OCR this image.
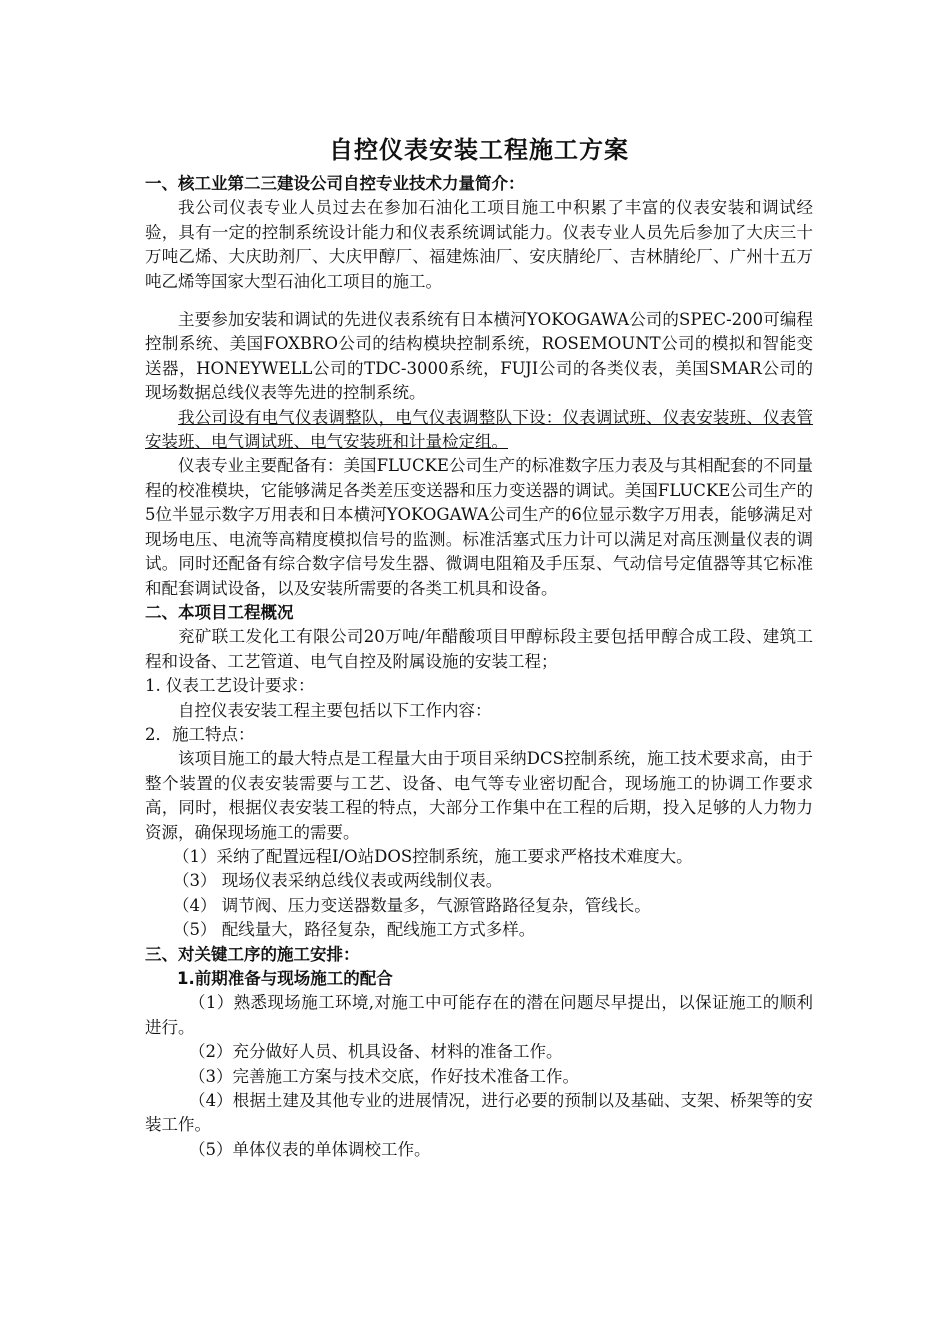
自控仪表安装工程施工方案
一、核工业第二三建设公司自控专业技术力量简介：

我公司仪表专业人员过去在参加石油化工项目施工中积累了丰富的仪表安装和调试经验，具有一定的控制系统设计能力和仪表系统调试能力。仪表专业人员先后参加了大庆三十万吨乙烯、大庆助剂厂、大庆甲醇厂、福建炼油厂、安庆腈纶厂、吉林腈纶厂、广州十五万吨乙烯等国家大型石油化工项目的施工。

主要参加安装和调试的先进仪表系统有日本横河YOKOGAWA公司的SPEC-200可编程控制系统、美国FOXBRO公司的结构模块控制系统，ROSEMOUNT公司的模拟和智能变送器，HONEYWELL公司的TDC-3000系统，FUJI公司的各类仪表，美国SMAR公司的现场数据总线仪表等先进的控制系统。

我公司设有电气仪表调整队，电气仪表调整队下设：仪表调试班、仪表安装班、仪表管安装班、电气调试班、电气安装班和计量检定组。

仪表专业主要配备有：美国FLUCKE公司生产的标准数字压力表及与其相配套的不同量程的校准模块，它能够满足各类差压变送器和压力变送器的调试。美国FLUCKE公司生产的5位半显示数字万用表和日本横河YOKOGAWA公司生产的6位显示数字万用表，能够满足对现场电压、电流等高精度模拟信号的监测。标准活塞式压力计可以满足对高压测量仪表的调试。同时还配备有综合数字信号发生器、微调电阻箱及手压泵、气动信号定值器等其它标准和配套调试设备，以及安装所需要的各类工机具和设备。

二、本项目工程概况

兖矿联工发化工有限公司20万吨/年醋酸项目甲醇标段主要包括甲醇合成工段、建筑工程和设备、工艺管道、电气自控及附属设施的安装工程；

1. 仪表工艺设计要求：

自控仪表安装工程主要包括以下工作内容：

2．施工特点：

该项目施工的最大特点是工程量大由于项目采纳DCS控制系统，施工技术要求高，由于整个装置的仪表安装需要与工艺、设备、电气等专业密切配合，现场施工的协调工作要求高，同时，根据仪表安装工程的特点，大部分工作集中在工程的后期，投入足够的人力物力资源，确保现场施工的需要。

（1）采纳了配置远程I/O站DOS控制系统，施工要求严格技术难度大。

（3） 现场仪表采纳总线仪表或两线制仪表。

（4） 调节阀、压力变送器数量多，气源管路路径复杂，管线长。

（5） 配线量大，路径复杂，配线施工方式多样。

三、对关键工序的施工安排：
1.前期准备与现场施工的配合

（1）熟悉现场施工环境,对施工中可能存在的潜在问题尽早提出，以保证施工的顺利进行。

（2）充分做好人员、机具设备、材料的准备工作。

（3）完善施工方案与技术交底，作好技术准备工作。

（4）根据土建及其他专业的进展情况，进行必要的预制以及基础、支架、桥架等的安装工作。

（5）单体仪表的单体调校工作。
